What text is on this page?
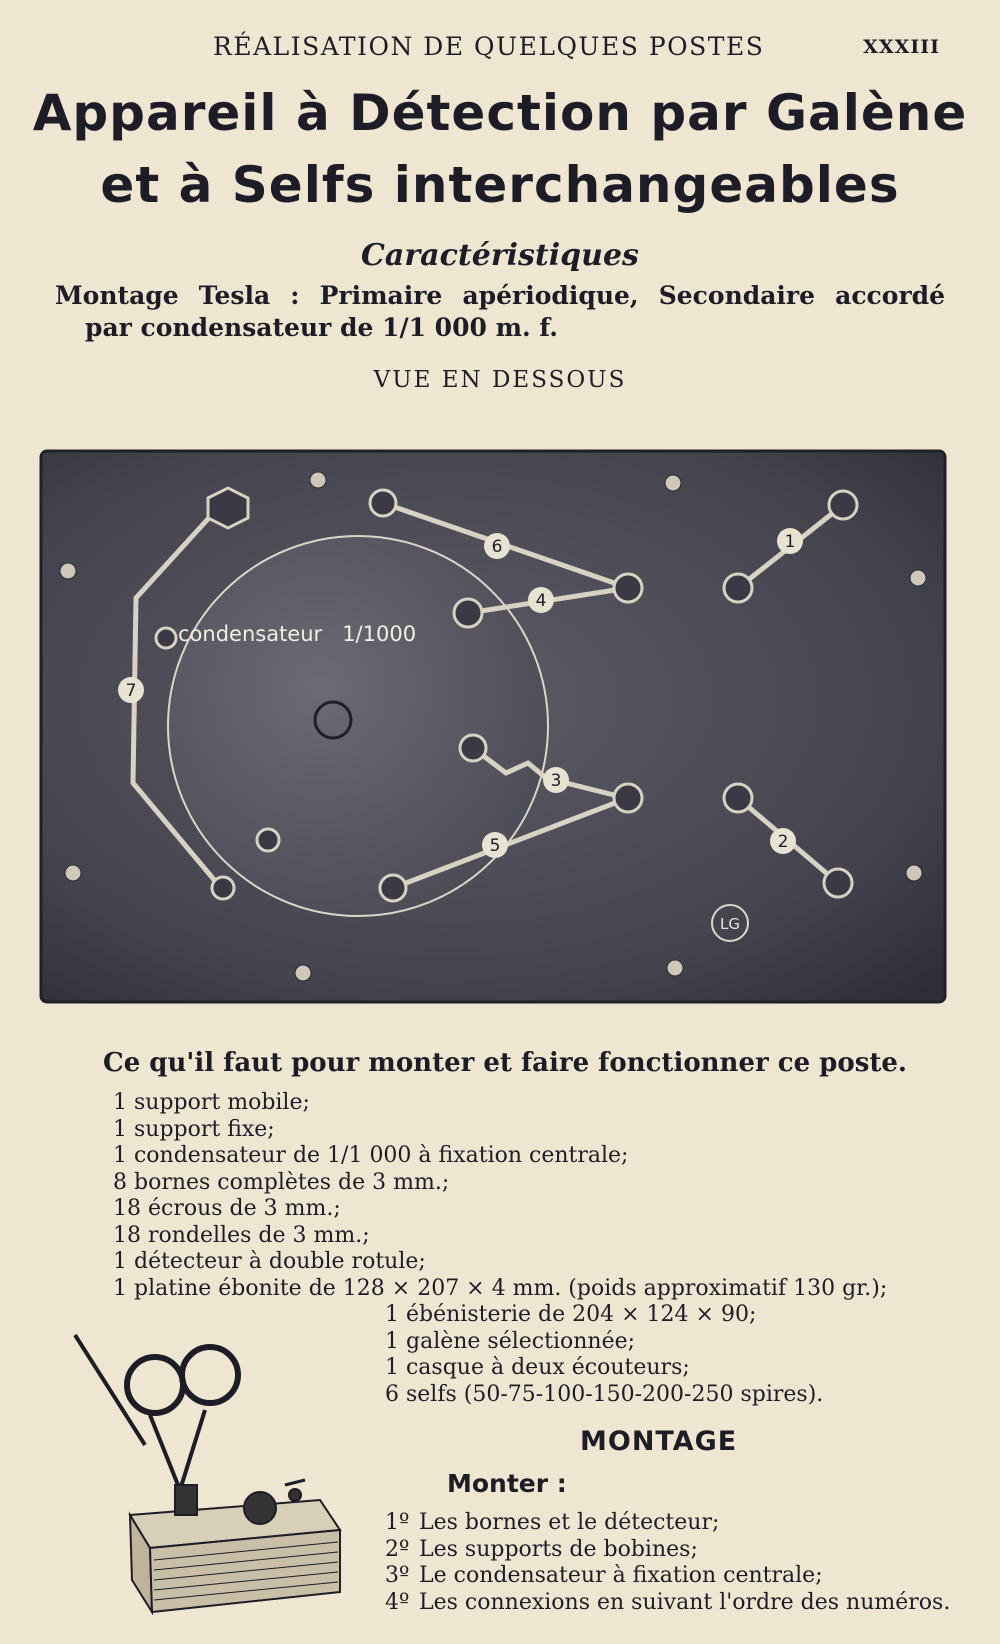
RÉALISATION DE QUELQUES POSTES	XXXIII
Appareil à Détection par Galène
et à Selfs interchangeables
Caractéristiques
Montage Tesla : Primaire apériodique, Secondaire accordé
par condensateur de 1/1 000 m. f.
VUE EN DESSOUS
condensateur   1/1000
1
2
3
4
5
6
7
LG
Ce qu'il faut pour monter et faire fonctionner ce poste.
1 support mobile;
1 support fixe;
1 condensateur de 1/1 000 à fixation centrale;
8 bornes complètes de 3 mm.;
18 écrous de 3 mm.;
18 rondelles de 3 mm.;
1 détecteur à double rotule;
1 platine ébonite de 128 × 207 × 4 mm. (poids approximatif 130 gr.);
1 ébénisterie de 204 × 124 × 90;
1 galène sélectionnée;
1 casque à deux écouteurs;
6 selfs (50-75-100-150-200-250 spires).
MONTAGE
Monter :
1º Les bornes et le détecteur;
2º Les supports de bobines;
3º Le condensateur à fixation centrale;
4º Les connexions en suivant l'ordre des numéros.
